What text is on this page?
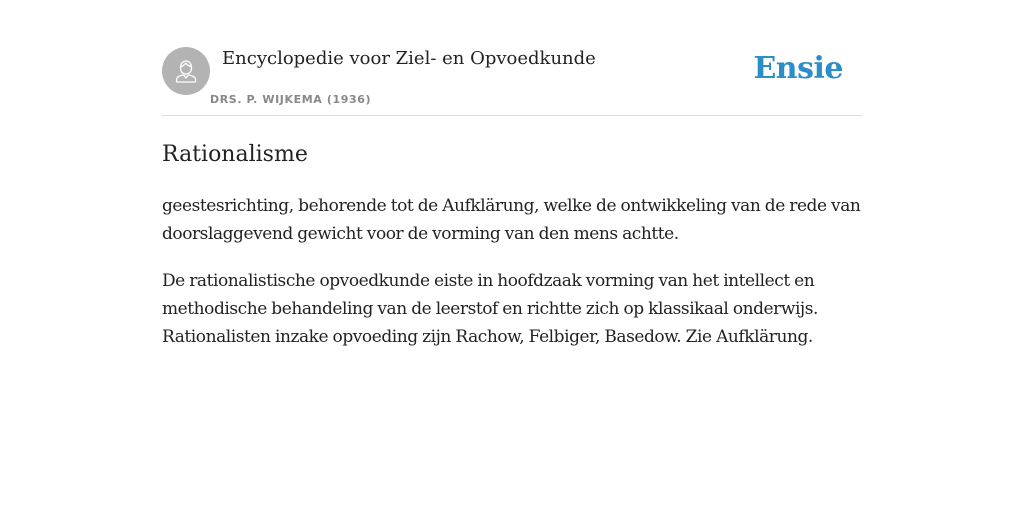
Encyclopedie voor Ziel- en Opvoedkunde
DRS. P. WIJKEMA (1936)
Ensie
Rationalisme

geestesrichting, behorende tot de Aufklärung, welke de ontwikkeling van de rede van doorslaggevend gewicht voor de vorming van den mens achtte.

De rationalistische opvoedkunde eiste in hoofdzaak vorming van het intellect en methodische behandeling van de leerstof en richtte zich op klassikaal onderwijs. Rationalisten inzake opvoeding zijn Rachow, Felbiger, Basedow. Zie Aufklärung.
